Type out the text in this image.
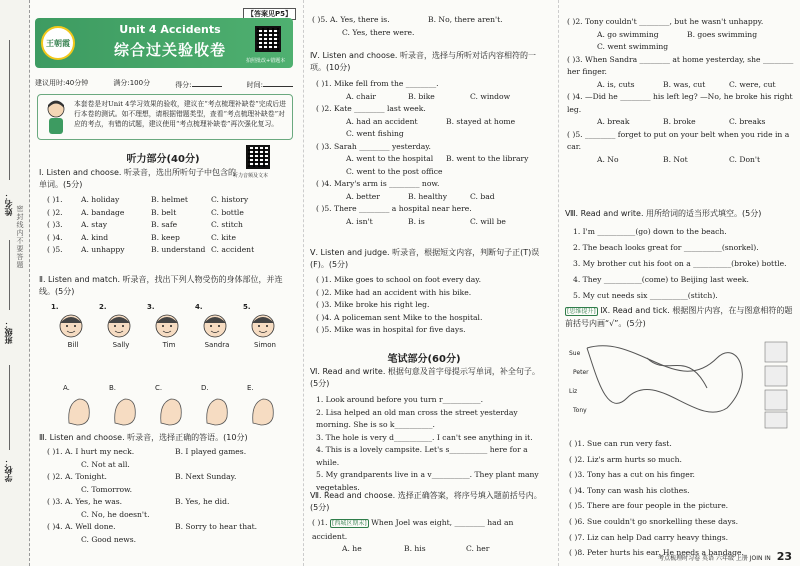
姓名：
密封线内不要答题
班级：
学校：
【答案见P5】
王朝霞
Unit 4 Accidents
综合过关验收卷
拍照批改+错题本
建议用时:40分钟	满分:100分	得分:	时间:
本套卷是对Unit 4学习效果的验收，建议在“考点梳理补缺卷”完成后进行本卷的测试。如不理想，请根据错题类型，查看“考点梳理补缺卷”对应的考点，有错的试题，建议使用“考点梳理补缺卷”再次强化复习。
听力部分(40分)
听力音频及文本
Ⅰ. Listen and choose. 听录音，选出所听句子中包含的单词。(5分)
( )1.	A. holiday	B. helmet	C. history
( )2.	A. bandage	B. belt	C. bottle
( )3.	A. stay	B. safe	C. stitch
( )4.	A. kind	B. keep	C. kite
( )5.	A. unhappy	B. understand C. accident
Ⅱ. Listen and match. 听录音，找出下列人物受伤的身体部位，并连线。(5分)
1.
Bill
2.
Sally
3.
Tim
4.
Sandra
5.
Simon
A.	B.	C.	D.	E.
Ⅲ. Listen and choose. 听录音，选择正确的答语。(10分)
( )1. A. I hurt my neck.	B. I played games.
C. Not at all.
( )2. A. Tonight.	B. Next Sunday.
C. Tomorrow.
( )3. A. Yes, he was.	B. Yes, he did.
C. No, he doesn't.
( )4. A. Well done.	B. Sorry to hear that.
C. Good news.
( )5. A. Yes, there is.	B. No, there aren't.
C. Yes, there were.
Ⅳ. Listen and choose. 听录音，选择与所听对话内容相符的一项。(10分)
( )1. Mike fell from the ________.
A. chair	B. bike	C. window
( )2. Kate ________ last week.
A. had an accident	B. stayed at home
C. went fishing
( )3. Sarah ________ yesterday.
A. went to the hospital B. went to the library
C. went to the post office
( )4. Mary's arm is ________ now.
A. better	B. healthy	C. bad
( )5. There ________ a hospital near here.
A. isn't	B. is	C. will be
Ⅴ. Listen and judge. 听录音，根据短文内容，判断句子正(T)误(F)。(5分)
( )1. Mike goes to school on foot every day.
( )2. Mike had an accident with his bike.
( )3. Mike broke his right leg.
( )4. A policeman sent Mike to the hospital.
( )5. Mike was in hospital for five days.
笔试部分(60分)
Ⅵ. Read and write. 根据句意及首字母提示写单词，补全句子。(5分)
1. Look around before you turn r__________.
2. Lisa helped an old man cross the street yesterday morning. She is so k__________.
3. The hole is very d__________. I can't see anything in it.
4. This is a lovely campsite. Let's s__________ here for a while.
5. My grandparents live in a v__________. They plant many vegetables.
Ⅶ. Read and choose. 选择正确答案，将序号填入题前括号内。(5分)
( )1. [西城区期末] When Joel was eight, ________ had an accident.
A. he	B. his	C. her
( )2. Tony couldn't ________, but he wasn't unhappy.
A. go swimming	B. goes swimming
C. went swimming
( )3. When Sandra ________ at home yesterday, she ________ her finger.
A. is, cuts	B. was, cut	C. were, cut
( )4. —Did he ________ his left leg? —No, he broke his right leg.
A. break	B. broke	C. breaks
( )5. ________ forget to put on your belt when you ride in a car.
A. No	B. Not	C. Don't
Ⅷ. Read and write. 用所给词的适当形式填空。(5分)
1. I'm __________(go) down to the beach.
2. The beach looks great for __________(snorkel).
3. My brother cut his foot on a __________(broke) bottle.
4. They __________(come) to Beijing last week.
5. My cut needs six __________(stitch).
[思维提升] Ⅸ. Read and tick. 根据图片内容，在与图意相符的题前括号内画“√”。(5分)
Sue
Peter
Liz
Tony
( )1. Sue can run very fast.
( )2. Liz's arm hurts so much.
( )3. Tony has a cut on his finger.
( )4. Tony can wash his clothes.
( )5. There are four people in the picture.
( )6. Sue couldn't go snorkelling these days.
( )7. Liz can help Dad carry heavy things.
( )8. Peter hurts his ear. He needs a bandage.
考点梳理时习卷 英语 六年级 上册 JOIN IN 23
